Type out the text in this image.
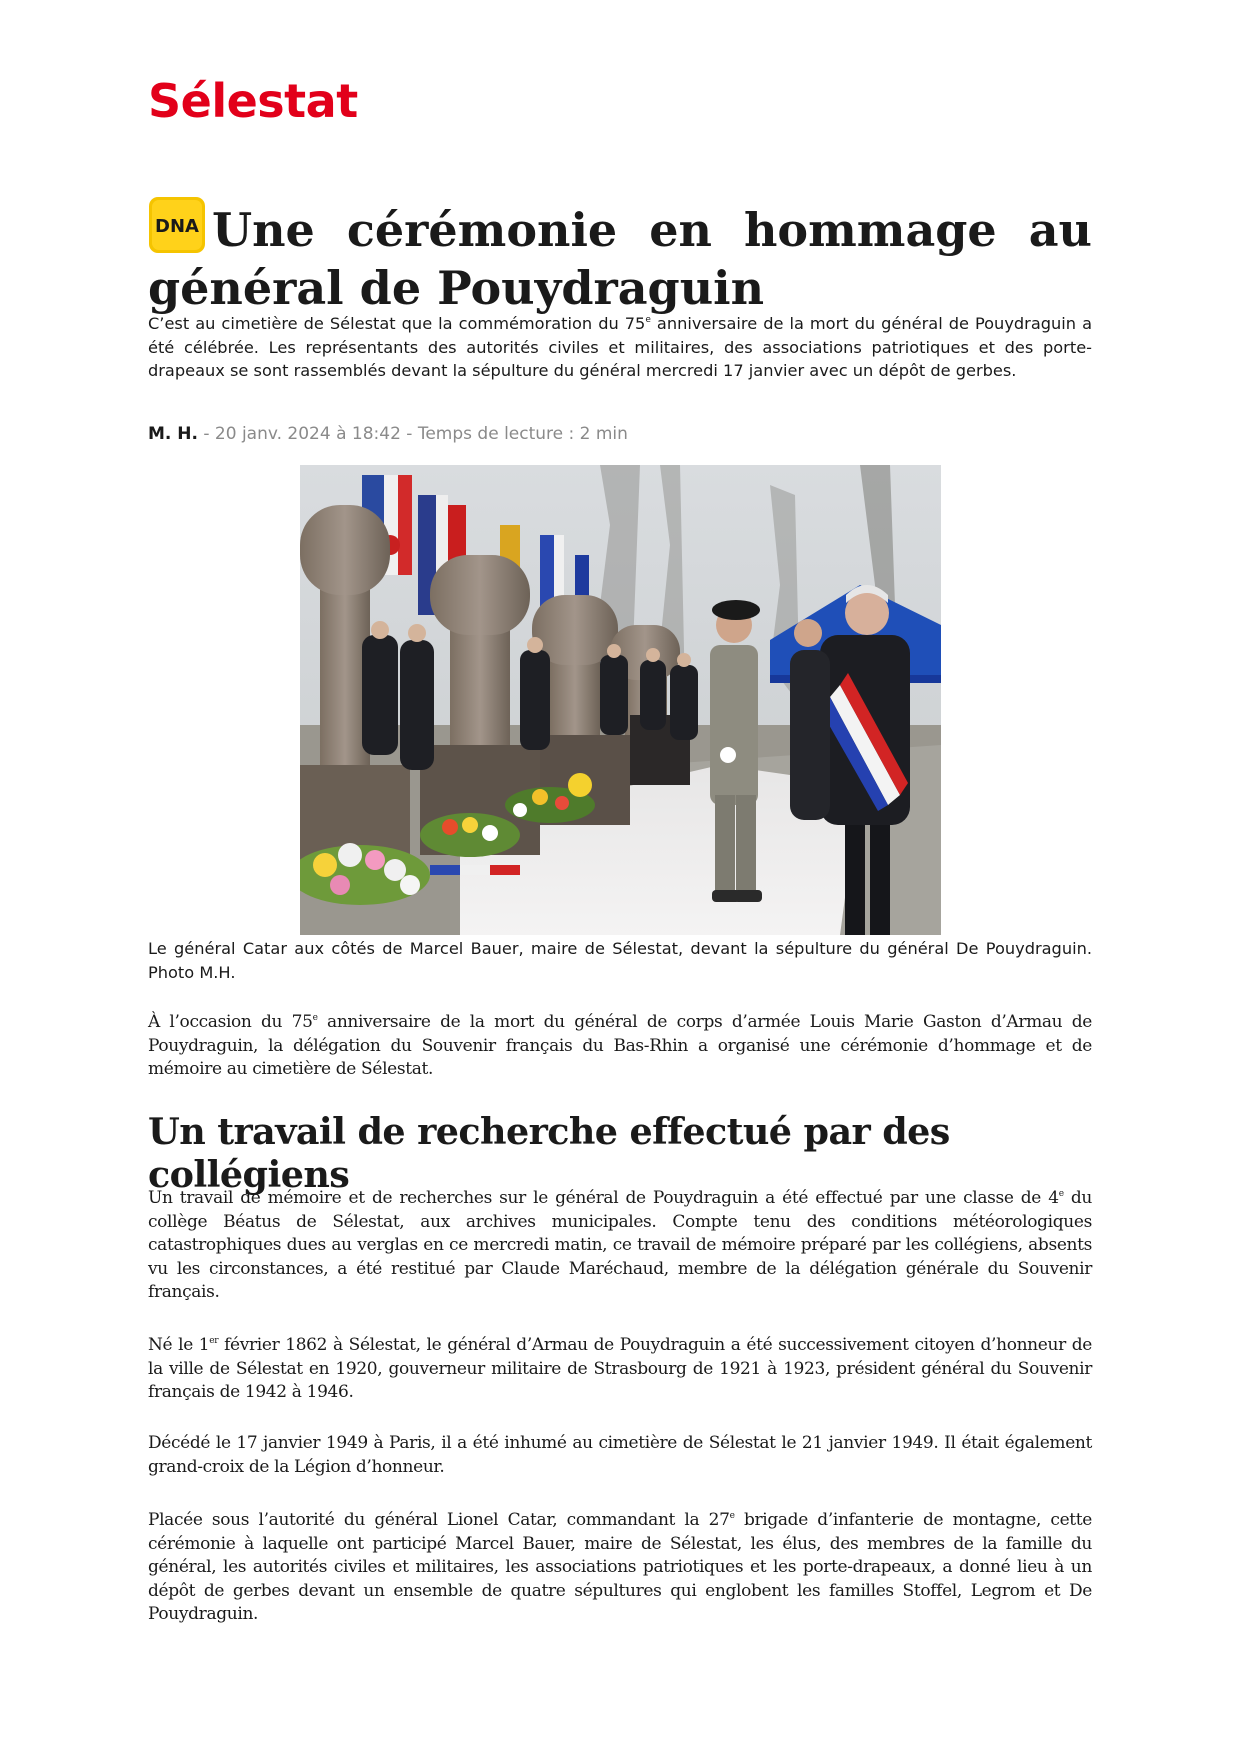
Sélestat
DNA Une cérémonie en hommage au général de Pouydraguin

C’est au cimetière de Sélestat que la commémoration du 75e anniversaire de la mort du général de Pouydraguin a été célébrée. Les représentants des autorités civiles et militaires, des associations patriotiques et des porte-drapeaux se sont rassemblés devant la sépulture du général mercredi 17 janvier avec un dépôt de gerbes.

M. H. - 20 janv. 2024 à 18:42 - Temps de lecture : 2 min

Le général Catar aux côtés de Marcel Bauer, maire de Sélestat, devant la sépulture du général De Pouydraguin. Photo M.H.

À l’occasion du 75e anniversaire de la mort du général de corps d’armée Louis Marie Gaston d’Armau de Pouydraguin, la délégation du Souvenir français du Bas-Rhin a organisé une cérémonie d’hommage et de mémoire au cimetière de Sélestat.

Un travail de recherche effectué par des collégiens

Un travail de mémoire et de recherches sur le général de Pouydraguin a été effectué par une classe de 4e du collège Béatus de Sélestat, aux archives municipales. Compte tenu des conditions météorologiques catastrophiques dues au verglas en ce mercredi matin, ce travail de mémoire préparé par les collégiens, absents vu les circonstances, a été restitué par Claude Maréchaud, membre de la délégation générale du Souvenir français.

Né le 1er février 1862 à Sélestat, le général d’Armau de Pouydraguin a été successivement citoyen d’honneur de la ville de Sélestat en 1920, gouverneur militaire de Strasbourg de 1921 à 1923, président général du Souvenir français de 1942 à 1946.

Décédé le 17 janvier 1949 à Paris, il a été inhumé au cimetière de Sélestat le 21 janvier 1949. Il était également grand-croix de la Légion d’honneur.

Placée sous l’autorité du général Lionel Catar, commandant la 27e brigade d’infanterie de montagne, cette cérémonie à laquelle ont participé Marcel Bauer, maire de Sélestat, les élus, des membres de la famille du général, les autorités civiles et militaires, les associations patriotiques et les porte-drapeaux, a donné lieu à un dépôt de gerbes devant un ensemble de quatre sépultures qui englobent les familles Stoffel, Legrom et De Pouydraguin.
